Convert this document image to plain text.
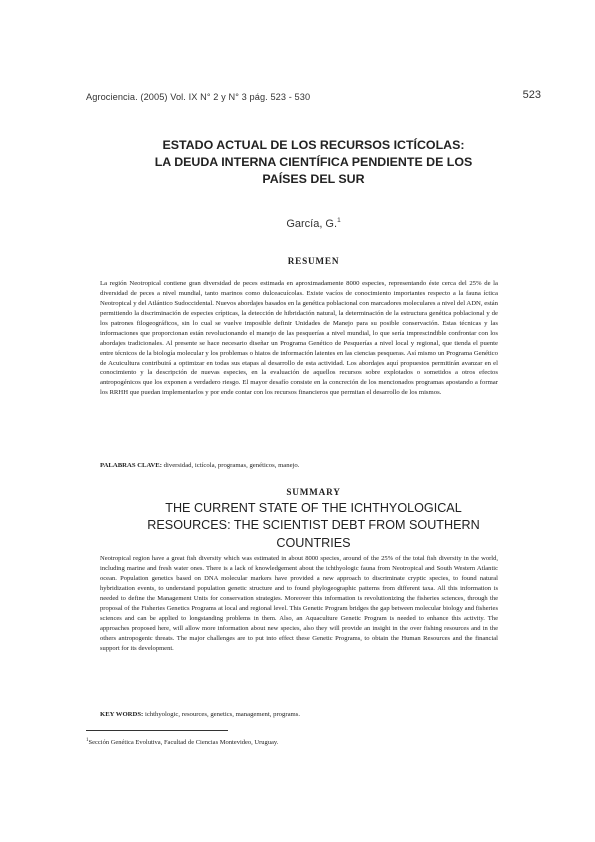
Agrociencia. (2005) Vol. IX N° 2 y N° 3 pág. 523 - 530	523
ESTADO ACTUAL DE LOS RECURSOS ICTÍCOLAS:
LA DEUDA INTERNA CIENTÍFICA PENDIENTE DE LOS
PAÍSES DEL SUR
García, G.$^1$
RESUMEN
La región Neotropical contiene gran diversidad de peces estimada en aproximadamente 8000 especies, representando éste cerca del 25% de la diversidad de peces a nivel mundial, tanto marinos como dulceacuícolas. Existe vacíos de conocimiento importantes respecto a la fauna íctica Neotropical y del Atlántico Sudoccidental. Nuevos abordajes basados en la genética poblacional con marcadores moleculares a nivel del ADN, están permitiendo la discriminación de especies crípticas, la detección de hibridación natural, la determinación de la estructura genética poblacional y de los patrones filogeográficos, sin lo cual se vuelve imposible definir Unidades de Manejo para su posible conservación. Estas técnicas y las informaciones que proporcionan están revolucionando el manejo de las pesquerías a nivel mundial, lo que sería imprescindible confrontar con los abordajes tradicionales. Al presente se hace necesario diseñar un Programa Genético de Pesquerías a nivel local y regional, que tienda el puente entre técnicos de la biología molecular y los problemas o hiatos de información latentes en las ciencias pesqueras. Así mismo un Programa Genético de Acuicultura contribuirá a optimizar en todas sus etapas al desarrollo de esta actividad. Los abordajes aquí propuestos permitirán avanzar en el conocimiento y la descripción de nuevas especies, en la evaluación de aquellos recursos sobre explotados o sometidos a otros efectos antropogénicos que los exponen a verdadero riesgo. El mayor desafío consiste en la concreción de los mencionados programas apostando a formar los RRHH que puedan implementarlos y por ende contar con los recursos financieros que permitan el desarrollo de los mismos.
PALABRAS CLAVE: diversidad, ictícola, programas, genéticos, manejo.
SUMMARY
THE CURRENT STATE OF THE ICHTHYOLOGICAL
RESOURCES: THE SCIENTIST DEBT FROM SOUTHERN
COUNTRIES
Neotropical region have a great fish diversity which was estimated in about 8000 species, around of the 25% of the total fish diversity in the world, including marine and fresh water ones. There is a lack of knowledgement about the ichthyologic fauna from Neotropical and South Western Atlantic ocean. Population genetics based on DNA molecular markers have provided a new approach to discriminate cryptic species, to found natural hybridization events, to understand population genetic structure and to found phylogeographic patterns from different taxa. All this information is needed to define the Management Units for conservation strategies. Moreover this information is revolutionizing the fisheries sciences, through the proposal of the Fisheries Genetics Programs at local and regional level. This Genetic Program bridges the gap between molecular biology and fisheries sciences and can be applied to longstanding problems in them. Also, an Aquaculture Genetic Program is needed to enhance this activity. The approaches proposed here, will allow more information about new species, also they will provide an insight in the over fishing resources and in the others antropogenic threats. The major challenges are to put into effect these Genetic Programs, to obtain the Human Resources and the financial support for its development.
KEY WORDS: ichthyologic, resources, genetics, management, programs.
$^1$Sección Genética Evolutiva, Facultad de Ciencias Montevideo, Uruguay.
